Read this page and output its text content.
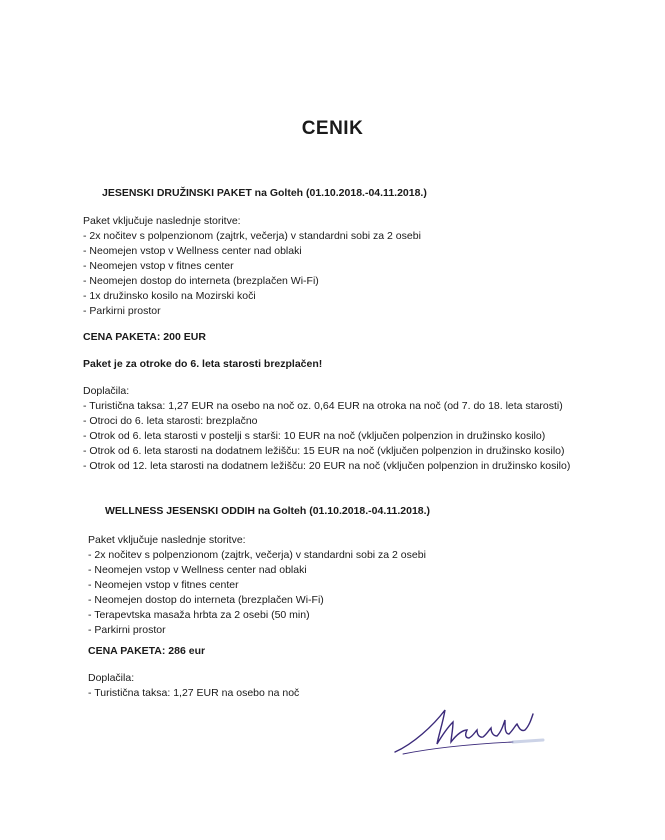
CENIK
JESENSKI DRUŽINSKI PAKET na Golteh (01.10.2018.-04.11.2018.)
Paket vključuje naslednje storitve:
- 2x nočitev s polpenzionom (zajtrk, večerja) v standardni sobi za 2 osebi
- Neomejen vstop v Wellness center nad oblaki
- Neomejen vstop v fitnes center
- Neomejen dostop do interneta (brezplačen Wi-Fi)
- 1x družinsko kosilo na Mozirski koči
- Parkirni prostor
CENA PAKETA: 200 EUR
Paket je za otroke do 6. leta starosti brezplačen!
Doplačila:
- Turistična taksa: 1,27 EUR na osebo na noč oz. 0,64 EUR na otroka na noč (od 7. do 18. leta starosti)
- Otroci do 6. leta starosti: brezplačno
- Otrok od 6. leta starosti v postelji s starši: 10 EUR na noč (vključen polpenzion in družinsko kosilo)
- Otrok od 6. leta starosti na dodatnem ležišču: 15 EUR na noč (vključen polpenzion in družinsko kosilo)
- Otrok od 12. leta starosti na dodatnem ležišču: 20 EUR na noč (vključen polpenzion in družinsko kosilo)
WELLNESS JESENSKI ODDIH na Golteh (01.10.2018.-04.11.2018.)
Paket vključuje naslednje storitve:
- 2x nočitev s polpenzionom (zajtrk, večerja) v standardni sobi za 2 osebi
- Neomejen vstop v Wellness center nad oblaki
- Neomejen vstop v fitnes center
- Neomejen dostop do interneta (brezplačen Wi-Fi)
- Terapevtska masaža hrbta za 2 osebi (50 min)
- Parkirni prostor
CENA PAKETA: 286 eur
Doplačila:
- Turistična taksa: 1,27 EUR na osebo na noč
